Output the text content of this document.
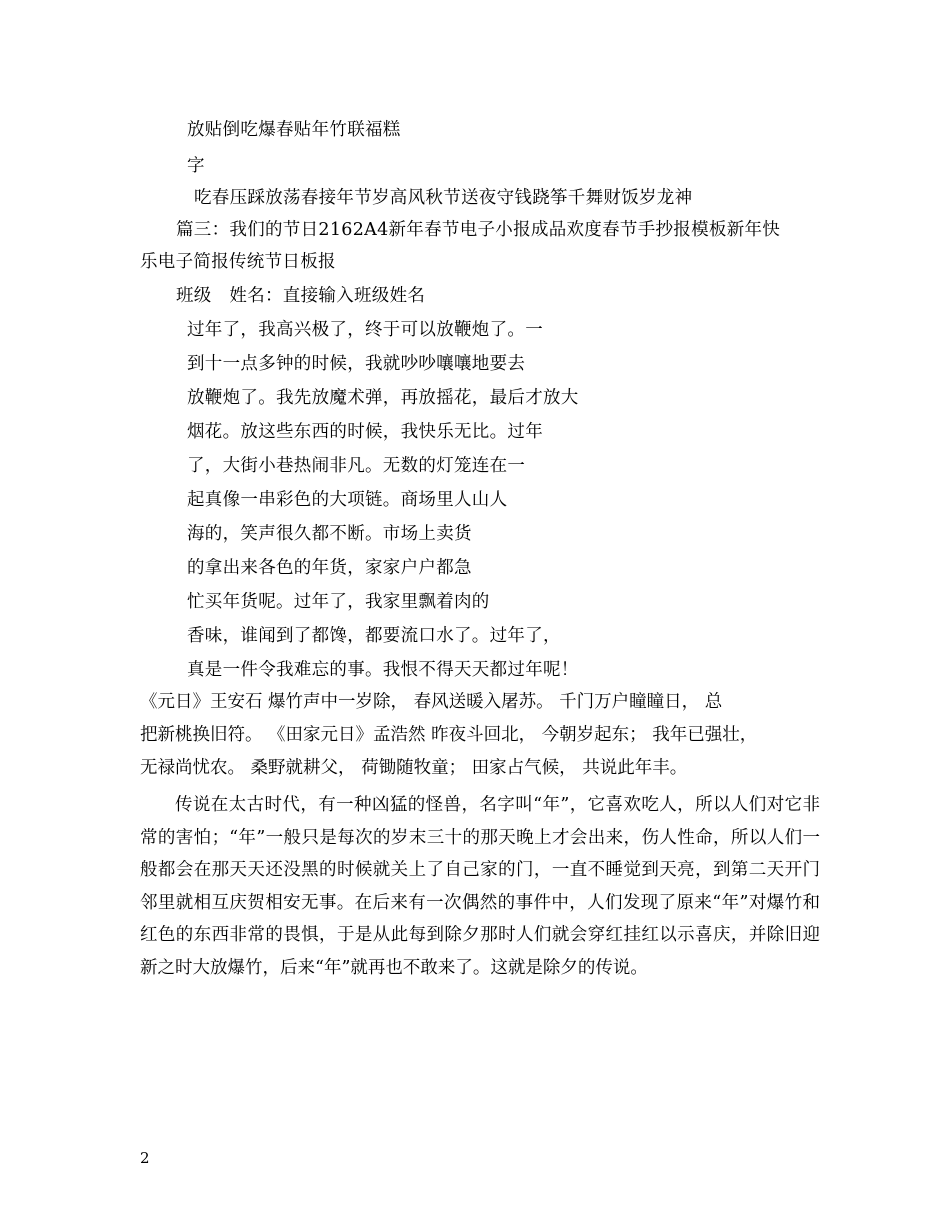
放贴倒吃爆春贴年竹联福糕
字
吃春压踩放荡春接年节岁高风秋节送夜守钱跷筝千舞财饭岁龙神
篇三：我们的节日2162A4新年春节电子小报成品欢度春节手抄报模板新年快
乐电子简报传统节日板报
班级　姓名：直接输入班级姓名
过年了，我高兴极了，终于可以放鞭炮了。一
到十一点多钟的时候，我就吵吵嚷嚷地要去
放鞭炮了。我先放魔术弹，再放摇花，最后才放大
烟花。放这些东西的时候，我快乐无比。过年
了，大街小巷热闹非凡。无数的灯笼连在一
起真像一串彩色的大项链。商场里人山人
海的，笑声很久都不断。市场上卖货
的拿出来各色的年货，家家户户都急
忙买年货呢。过年了，我家里飘着肉的
香味，谁闻到了都馋，都要流口水了。过年了，
真是一件令我难忘的事。我恨不得天天都过年呢！
《元日》王安石 爆竹声中一岁除， 春风送暖入屠苏。 千门万户瞳瞳日， 总
把新桃换旧符。 《田家元日》孟浩然 昨夜斗回北， 今朝岁起东； 我年已强壮，
无禄尚忧农。 桑野就耕父， 荷锄随牧童； 田家占气候， 共说此年丰。
传说在太古时代，有一种凶猛的怪兽，名字叫“年”，它喜欢吃人，所以人们对它非常的害怕；“年”一般只是每次的岁末三十的那天晚上才会出来，伤人性命，所以人们一般都会在那天天还没黑的时候就关上了自己家的门，一直不睡觉到天亮，到第二天开门邻里就相互庆贺相安无事。在后来有一次偶然的事件中，人们发现了原来“年”对爆竹和红色的东西非常的畏惧，于是从此每到除夕那时人们就会穿红挂红以示喜庆，并除旧迎新之时大放爆竹，后来“年”就再也不敢来了。这就是除夕的传说。
2
